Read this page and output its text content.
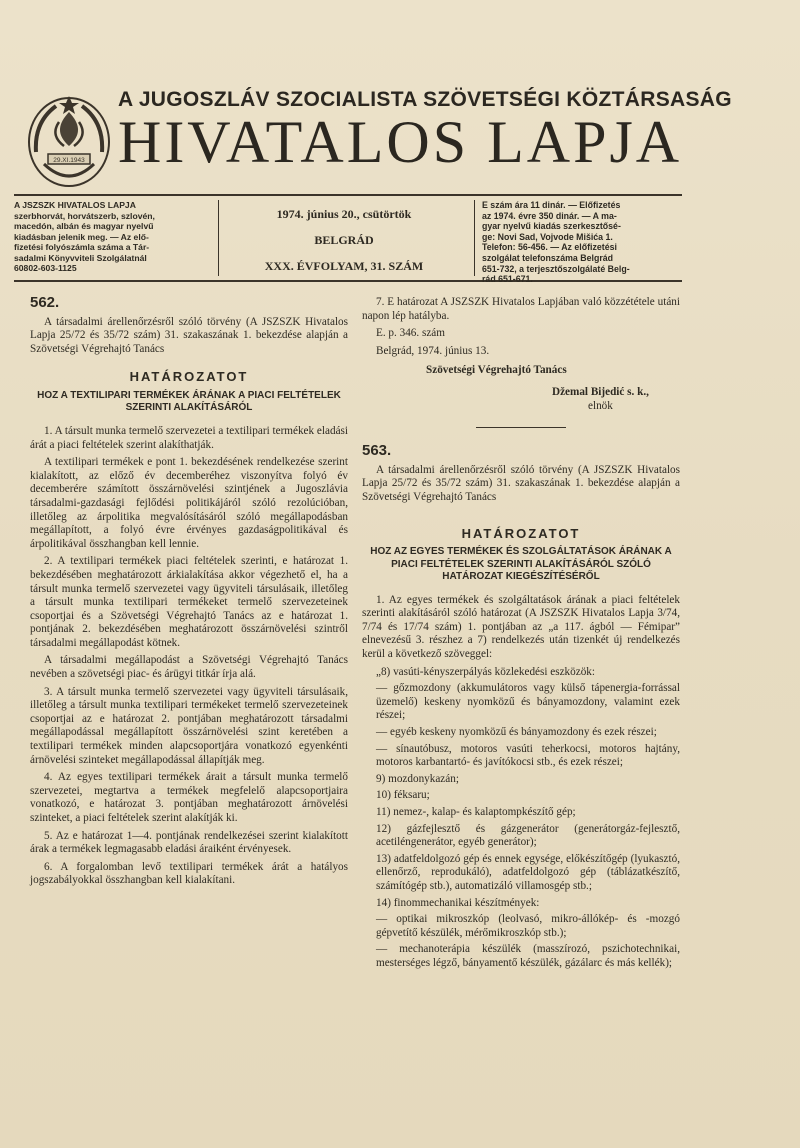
29.XI.1943
A JUGOSZLÁV SZOCIALISTA SZÖVETSÉGI KÖZTÁRSASÁG
HIVATALOS LAPJA
A JSZSZK HIVATALOS LAPJA
szerbhorvát, horvátszerb, szlovén,
macedón, albán és magyar nyelvű
kiadásban jelenik meg. — Az elő-
fizetési folyószámla száma a Tár-
sadalmi Könyvviteli Szolgálatnál
60802-603-1125
1974. június 20., csütörtök
BELGRÁD
XXX. ÉVFOLYAM, 31. SZÁM
E szám ára 11 dinár. — Előfizetés
az 1974. évre 350 dinár. — A ma-
gyar nyelvű kiadás szerkesztősé-
ge: Novi Sad, Vojvode Mišića 1.
Telefon: 56-456. — Az előfizetési
szolgálat telefonszáma Belgrád
651-732, a terjesztőszolgálaté Belg-
rád 651-671.
562.

A társadalmi árellenőrzésről szóló törvény (A JSZSZK Hivatalos Lapja 25/72 és 35/72 szám) 31. szakaszának 1. bekezdése alapján a Szövetségi Végrehajtó Tanács

HATÁROZATOT
HOZ A TEXTILIPARI TERMÉKEK ÁRÁNAK A PIACI FELTÉTELEK SZERINTI ALAKÍTÁSÁRÓL

1. A társult munka termelő szervezetei a textilipari termékek eladási árát a piaci feltételek szerint alakíthatják.

A textilipari termékek e pont 1. bekezdésének rendelkezése szerint kialakított, az előző év decemberéhez viszonyítva folyó év decemberére számított összárnövelési szintjének a Jugoszlávia társadalmi-gazdasági fejlődési politikájáról szóló rezolúcióban, illetőleg az árpolitika megvalósításáról szóló megállapodásban megállapított, a folyó évre érvényes gazdaságpolitikával és árpolitikával összhangban kell lennie.

2. A textilipari termékek piaci feltételek szerinti, e határozat 1. bekezdésében meghatározott árkialakítása akkor végezhető el, ha a társult munka termelő szervezetei vagy ügyviteli társulásaik, illetőleg a társult munka textilipari termékeket termelő szervezeteinek csoportjai és a Szövetségi Végrehajtó Tanács az e határozat 1. pontjának 2. bekezdésében meghatározott összárnövelési szintről társadalmi megállapodást kötnek.

A társadalmi megállapodást a Szövetségi Végrehajtó Tanács nevében a szövetségi piac- és árügyi titkár írja alá.

3. A társult munka termelő szervezetei vagy ügyviteli társulásaik, illetőleg a társult munka textilipari termékeket termelő szervezeteinek csoportjai az e határozat 2. pontjában meghatározott társadalmi megállapodással megállapított összárnövelési szint keretében a textilipari termékek minden alapcsoportjára vonatkozó egyenkénti árnövelési szinteket megállapodással állapítják meg.

4. Az egyes textilipari termékek árait a társult munka termelő szervezetei, megtartva a termékek megfelelő alapcsoportjaira vonatkozó, e határozat 3. pontjában meghatározott árnövelési szinteket, a piaci feltételek szerint alakítják ki.

5. Az e határozat 1—4. pontjának rendelkezései szerint kialakított árak a termékek legmagasabb eladási áraiként érvényesek.

6. A forgalomban levő textilipari termékek árát a hatályos jogszabályokkal összhangban kell kialakítani.

7. E határozat A JSZSZK Hivatalos Lapjában való közzététele utáni napon lép hatályba.

E. p. 346. szám

Belgrád, 1974. június 13.

Szövetségi Végrehajtó Tanács
Džemal Bijedić s. k.,
elnök
563.

A társadalmi árellenőrzésről szóló törvény (A JSZSZK Hivatalos Lapja 25/72 és 35/72 szám) 31. szakaszának 1. bekezdése alapján a Szövetségi Végrehajtó Tanács

HATÁROZATOT
HOZ AZ EGYES TERMÉKEK ÉS SZOLGÁLTATÁSOK ÁRÁNAK A PIACI FELTÉTELEK SZERINTI ALAKÍTÁSÁRÓL SZÓLÓ HATÁROZAT KIEGÉSZÍTÉSÉRŐL

1. Az egyes termékek és szolgáltatások árának a piaci feltételek szerinti alakításáról szóló határozat (A JSZSZK Hivatalos Lapja 3/74, 7/74 és 17/74 szám) 1. pontjában az „a 117. ágból — Fémipar” elnevezésű 3. részhez a 7) rendelkezés után tizenkét új rendelkezés kerül a következő szöveggel:

„8) vasúti-kényszerpályás közlekedési eszközök:
— gőzmozdony (akkumulátoros vagy külső tápenergia-forrással üzemelő) keskeny nyomközű és bányamozdony, valamint ezek részei;
— egyéb keskeny nyomközű és bányamozdony és ezek részei;
— sínautóbusz, motoros vasúti teherkocsi, motoros hajtány, motoros karbantartó- és javítókocsi stb., és ezek részei;
9) mozdonykazán;
10) féksaru;
11) nemez-, kalap- és kalaptompkészítő gép;
12) gázfejlesztő és gázgenerátor (generátorgáz-fejlesztő, acetiléngenerátor, egyéb generátor);
13) adatfeldolgozó gép és ennek egysége, előkészítőgép (lyukasztó, ellenőrző, reprodukáló), adatfeldolgozó gép (táblázatkészítő, számítógép stb.), automatizáló villamosgép stb.;
14) finommechanikai készítmények:
— optikai mikroszkóp (leolvasó, mikro-állókép- és -mozgó gépvetítő készülék, mérőmikroszkóp stb.);
— mechanoterápia készülék (masszírozó, pszichotechnikai, mesterséges légző, bányamentő készülék, gázálarc és más kellék);
